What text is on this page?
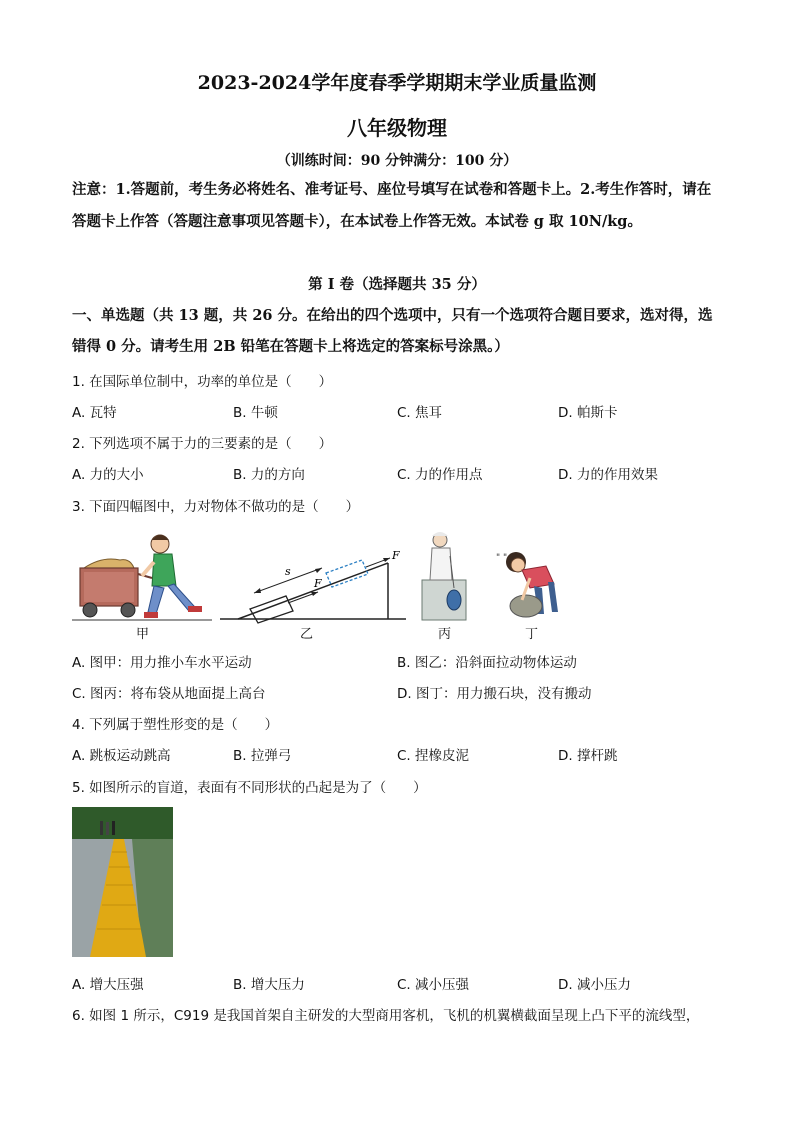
2023-2024学年度春季学期期末学业质量监测
八年级物理
（训练时间：90 分钟满分：100 分）
注意：1.答题前，考生务必将姓名、准考证号、座位号填写在试卷和答题卡上。2.考生作答时，请在答题卡上作答（答题注意事项见答题卡），在本试卷上作答无效。本试卷 g 取 10N/kg。
第 I 卷（选择题共 35 分）
一、单选题（共 13 题，共 26 分。在给出的四个选项中，只有一个选项符合题目要求，选对得，选错得 0 分。请考生用 2B 铅笔在答题卡上将选定的答案标号涂黑。）
1. 在国际单位制中，功率的单位是（　　）
A. 瓦特	B. 牛顿	C. 焦耳	D. 帕斯卡
2. 下列选项不属于力的三要素的是（　　）
A. 力的大小	B. 力的方向	C. 力的作用点	D. 力的作用效果
3. 下面四幅图中，力对物体不做功的是（　　）
甲
s
F
F
乙	丙
" "
丁
A. 图甲：用力推小车水平运动	B. 图乙：沿斜面拉动物体运动
C. 图丙：将布袋从地面提上高台	D. 图丁：用力搬石块，没有搬动
4. 下列属于塑性形变的是（　　）
A. 跳板运动跳高	B. 拉弹弓	C. 捏橡皮泥	D. 撑杆跳
5. 如图所示的盲道，表面有不同形状的凸起是为了（　　）
A. 增大压强	B. 增大压力	C. 减小压强	D. 减小压力
6. 如图 1 所示，C919 是我国首架自主研发的大型商用客机，飞机的机翼横截面呈现上凸下平的流线型，
